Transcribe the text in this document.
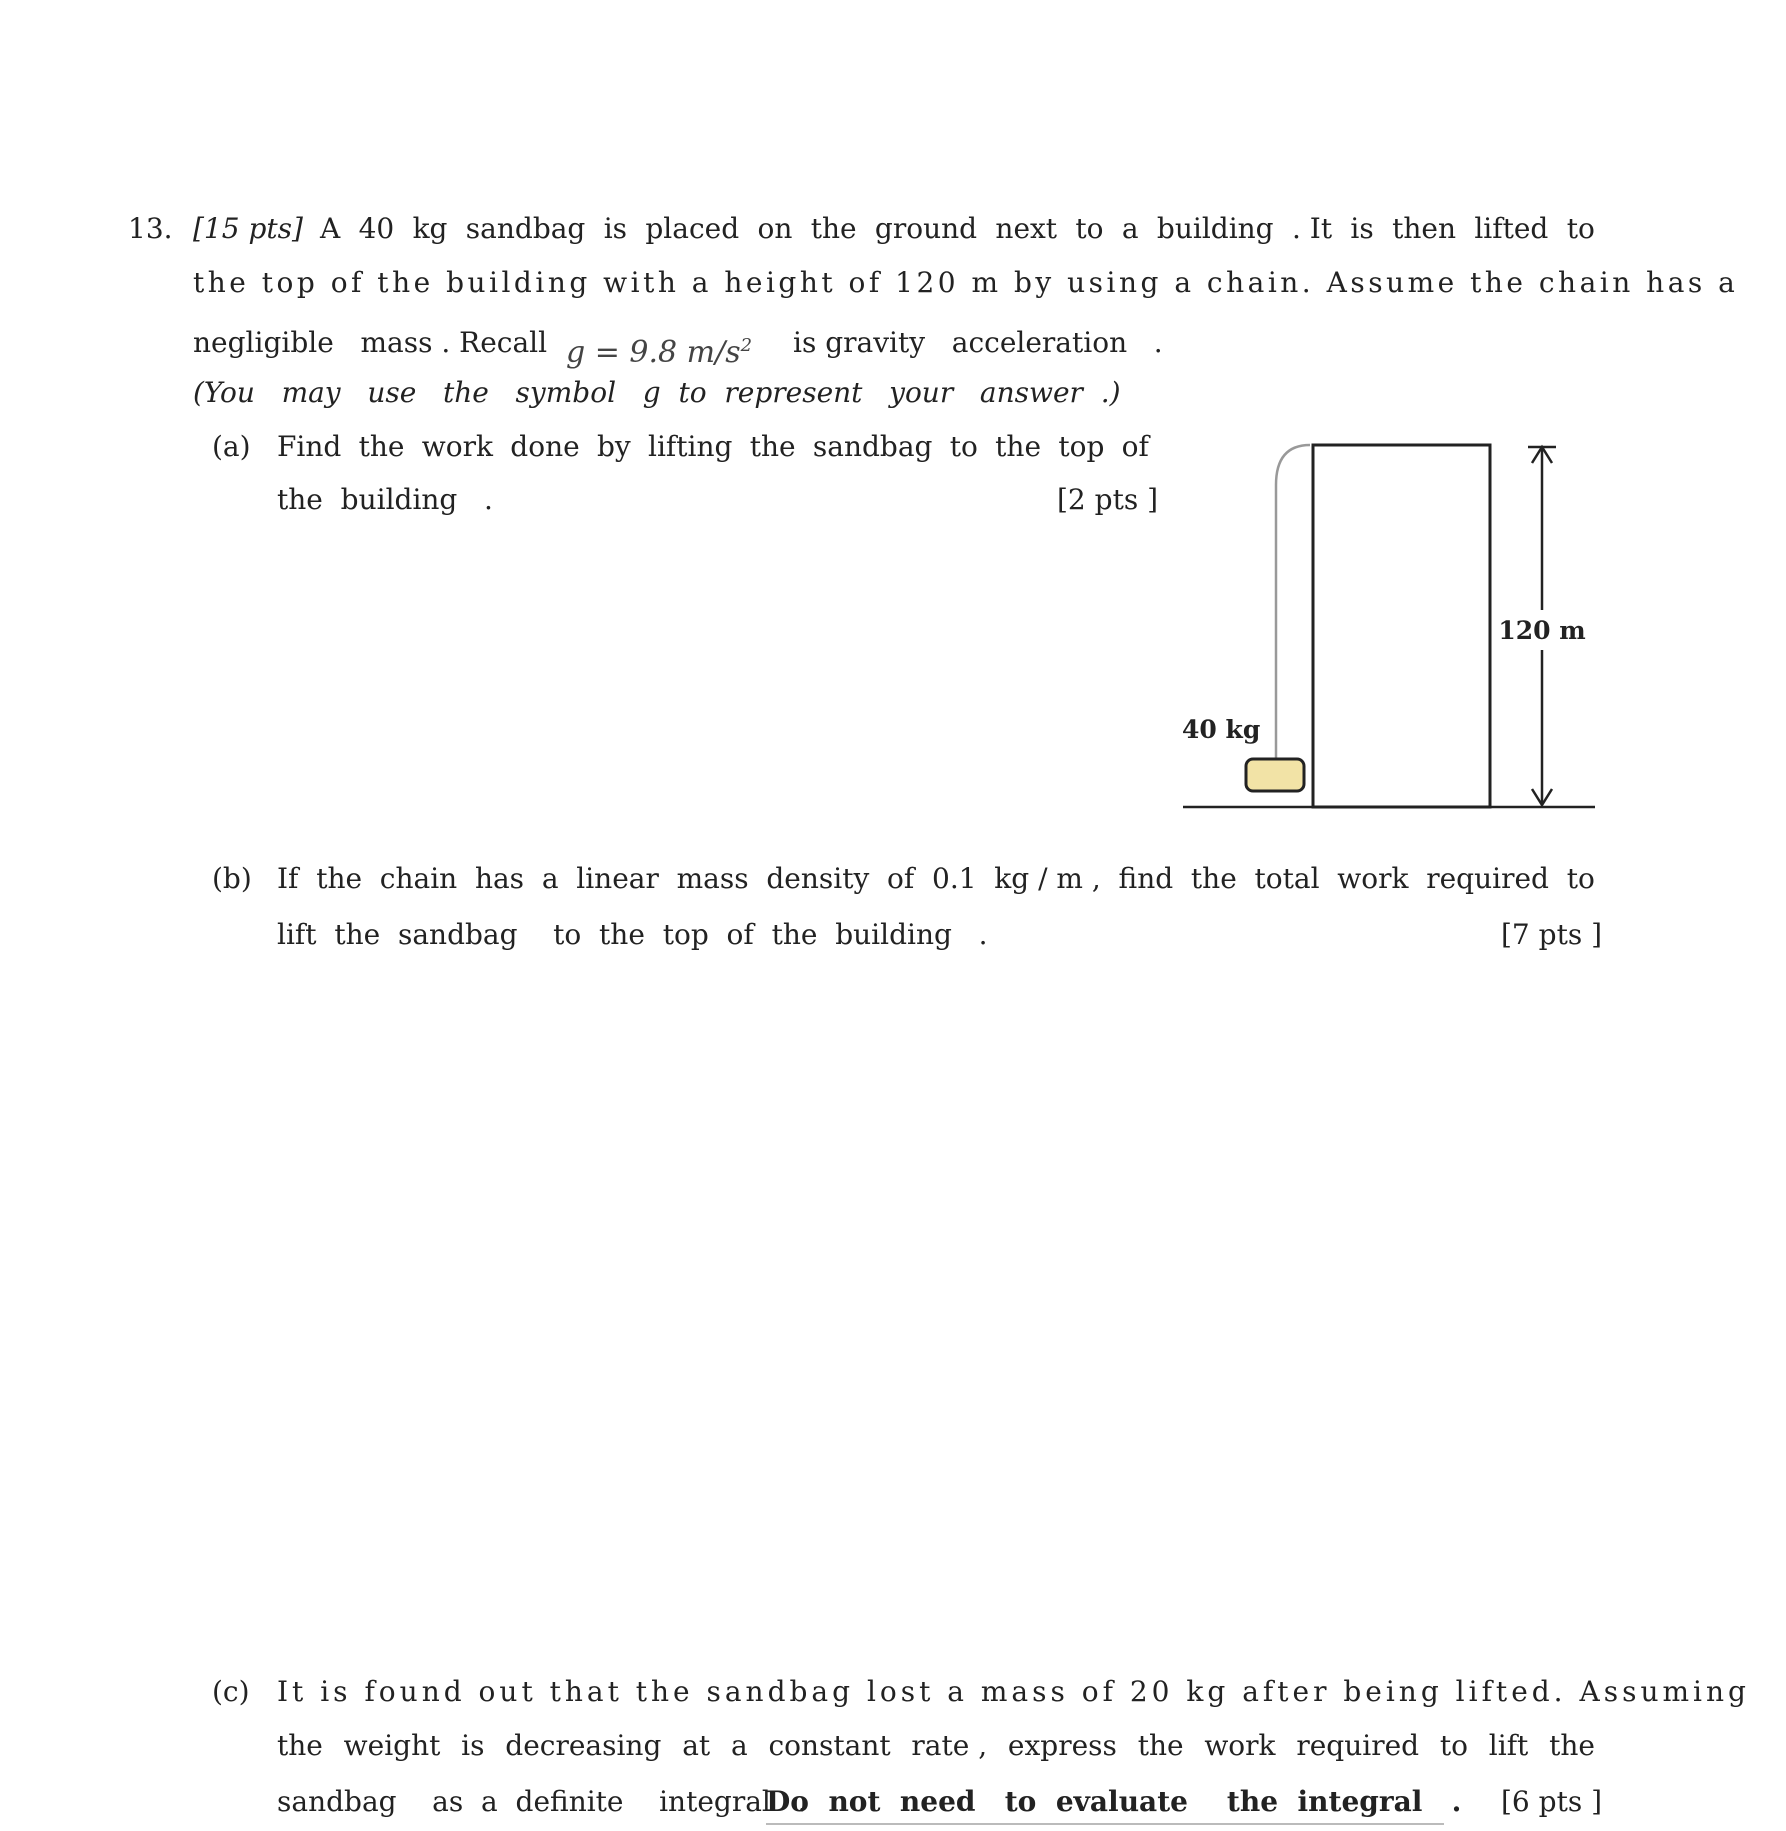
13. [15 pts] A 40 kg sandbag is placed on the ground next to a building . It is then lifted to
the top of the building with a height of 120 m by using a chain. Assume the chain has a
negligible   mass . Recall g = 9.8 $m/s^2$ is gravity   acceleration   .
(You   may   use   the   symbol   g  to  represent   your   answer  .)
(a) Find the work done by lifting the sandbag to the top of
the  building   .	[2 pts ]
120 m
40 kg
(b) If the chain has a linear mass density of 0.1 kg / m , find the total work required to
lift  the  sandbag    to  the  top  of  the  building   .	[7 pts ]
(c) It is found out that the sandbag lost a mass of 20 kg after being lifted. Assuming
the weight is decreasing at a constant rate , express the work required to lift the
sandbag    as  a  definite    integral   .
Do  not  need   to  evaluate    the  integral   . [6 pts ]
